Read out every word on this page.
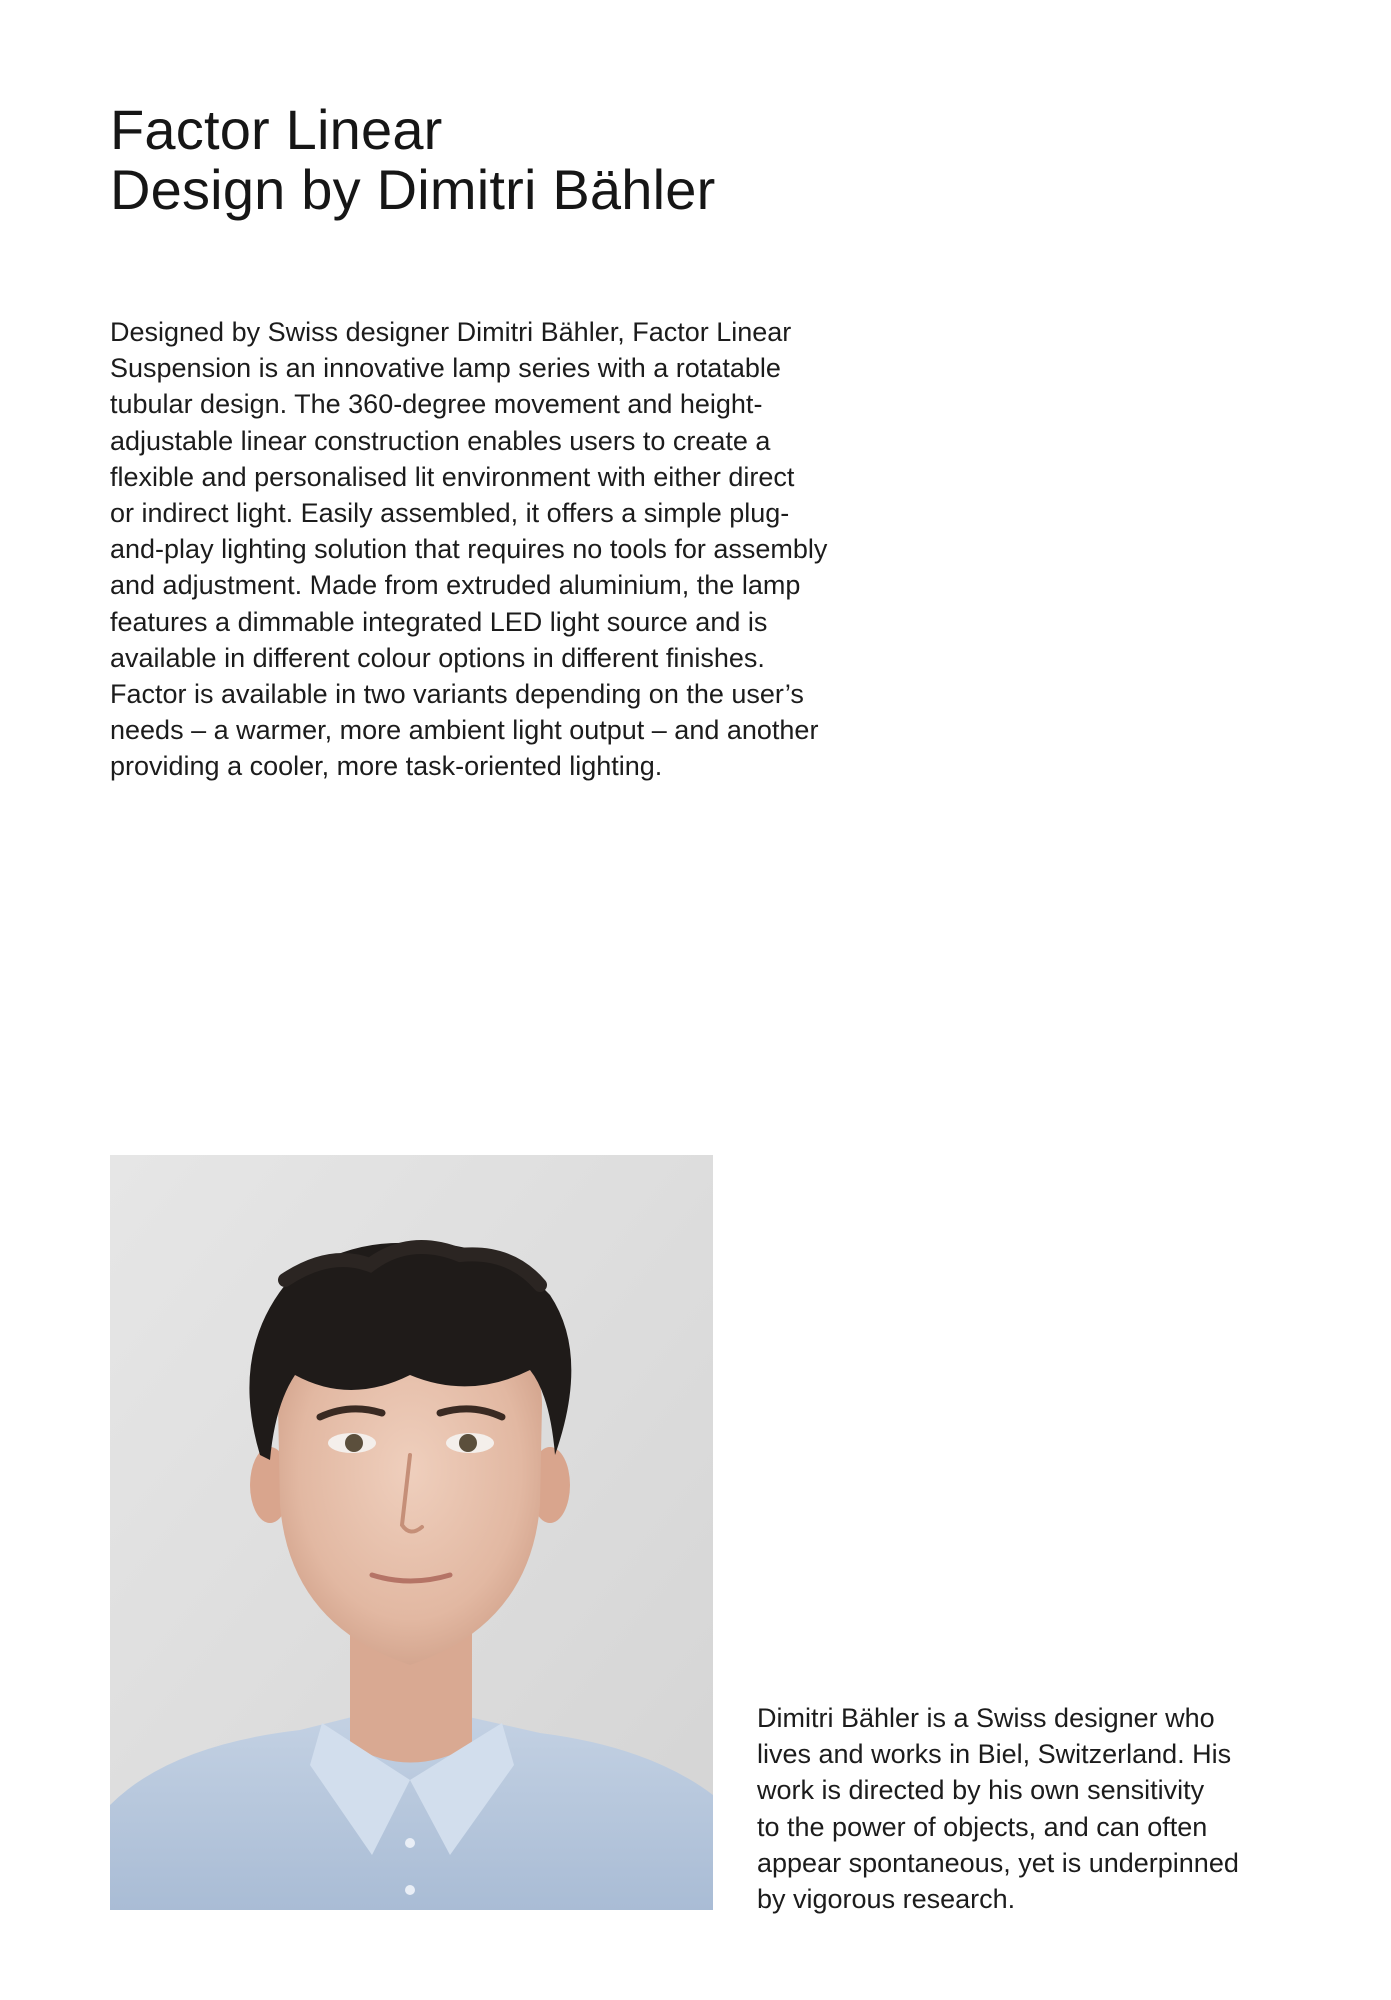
Factor Linear
Design by Dimitri Bähler
Designed by Swiss designer Dimitri Bähler, Factor Linear
Suspension is an innovative lamp series with a rotatable
tubular design. The 360-degree movement and height-
adjustable linear construction enables users to create a
flexible and personalised lit environment with either direct
or indirect light. Easily assembled, it offers a simple plug-
and-play lighting solution that requires no tools for assembly
and adjustment. Made from extruded aluminium, the lamp
features a dimmable integrated LED light source and is
available in different colour options in different finishes.
Factor is available in two variants depending on the user’s
needs – a warmer, more ambient light output – and another
providing a cooler, more task-oriented lighting.
Dimitri Bähler is a Swiss designer who
lives and works in Biel, Switzerland. His
work is directed by his own sensitivity
to the power of objects, and can often
appear spontaneous, yet is underpinned
by vigorous research.
